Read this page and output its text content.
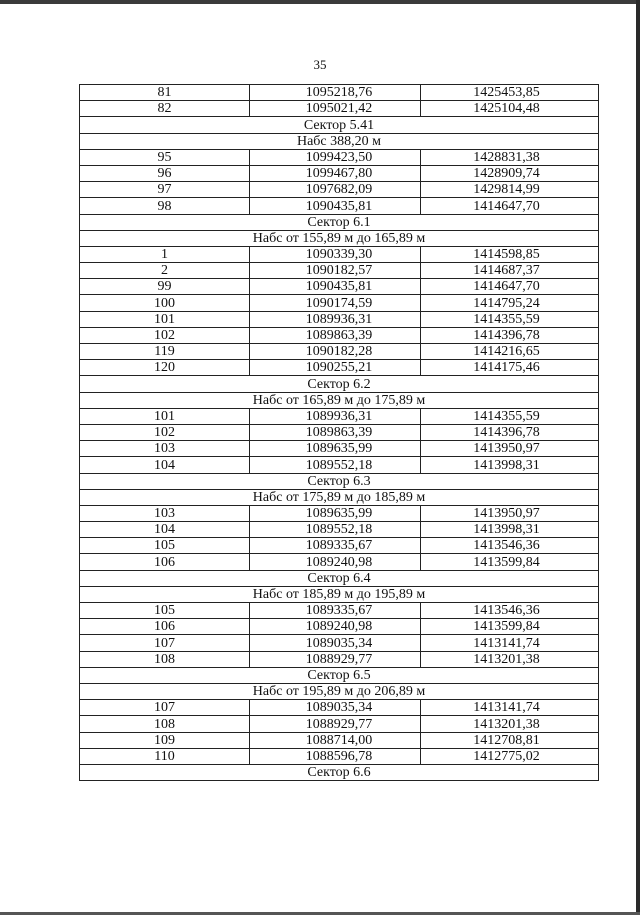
35
81	1095218,76	1425453,85
82	1095021,42	1425104,48
Сектор 5.41		
Набс 388,20 м		
95	1099423,50	1428831,38
96	1099467,80	1428909,74
97	1097682,09	1429814,99
98	1090435,81	1414647,70
Сектор 6.1		
Набс от 155,89 м до 165,89 м		
1	1090339,30	1414598,85
2	1090182,57	1414687,37
99	1090435,81	1414647,70
100	1090174,59	1414795,24
101	1089936,31	1414355,59
102	1089863,39	1414396,78
119	1090182,28	1414216,65
120	1090255,21	1414175,46
Сектор 6.2		
Набс от 165,89 м до 175,89 м		
101	1089936,31	1414355,59
102	1089863,39	1414396,78
103	1089635,99	1413950,97
104	1089552,18	1413998,31
Сектор 6.3		
Набс от 175,89 м до 185,89 м		
103	1089635,99	1413950,97
104	1089552,18	1413998,31
105	1089335,67	1413546,36
106	1089240,98	1413599,84
Сектор 6.4		
Набс от 185,89 м до 195,89 м		
105	1089335,67	1413546,36
106	1089240,98	1413599,84
107	1089035,34	1413141,74
108	1088929,77	1413201,38
Сектор 6.5		
Набс от 195,89 м до 206,89 м		
107	1089035,34	1413141,74
108	1088929,77	1413201,38
109	1088714,00	1412708,81
110	1088596,78	1412775,02
Сектор 6.6		
